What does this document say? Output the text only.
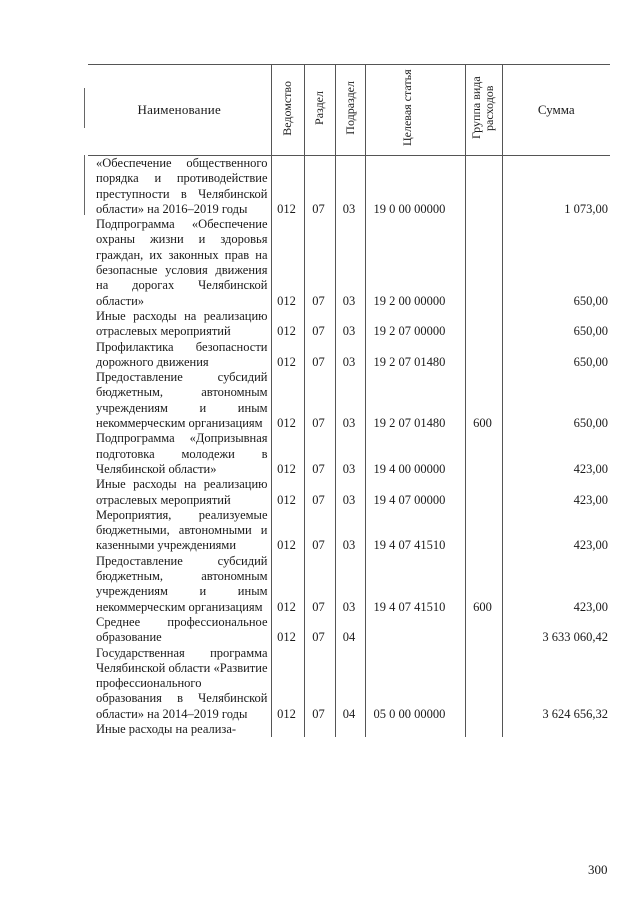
Наименование	Ведомство	Раздел	Подраздел	Целевая статья	Группа вида расходов	Сумма
«Обеспечение общественного порядка и противодействие преступности в Челябинской области» на 2016–2019 годы	012	07	03	19 0 00 00000		1 073,00
Подпрограмма «Обеспечение охраны жизни и здоровья граждан, их законных прав на безопасные условия движения на дорогах Челябинской области»	012	07	03	19 2 00 00000		650,00
Иные расходы на реализацию отраслевых мероприятий	012	07	03	19 2 07 00000		650,00
Профилактика безопасности дорожного движения	012	07	03	19 2 07 01480		650,00
Предоставление субсидий бюджетным, автономным учреждениям и иным некоммерческим организациям	012	07	03	19 2 07 01480	600	650,00
Подпрограмма «Допризывная подготовка молодежи в Челябинской области»	012	07	03	19 4 00 00000		423,00
Иные расходы на реализацию отраслевых мероприятий	012	07	03	19 4 07 00000		423,00
Мероприятия, реализуемые бюджетными, автономными и казенными учреждениями	012	07	03	19 4 07 41510		423,00
Предоставление субсидий бюджетным, автономным учреждениям и иным некоммерческим организациям	012	07	03	19 4 07 41510	600	423,00
Среднее профессиональное образование	012	07	04			3 633 060,42
Государственная программа Челябинской области «Развитие профессионального образования в Челябинской области» на 2014–2019 годы	012	07	04	05 0 00 00000		3 624 656,32
Иные расходы на реализа-						
300
